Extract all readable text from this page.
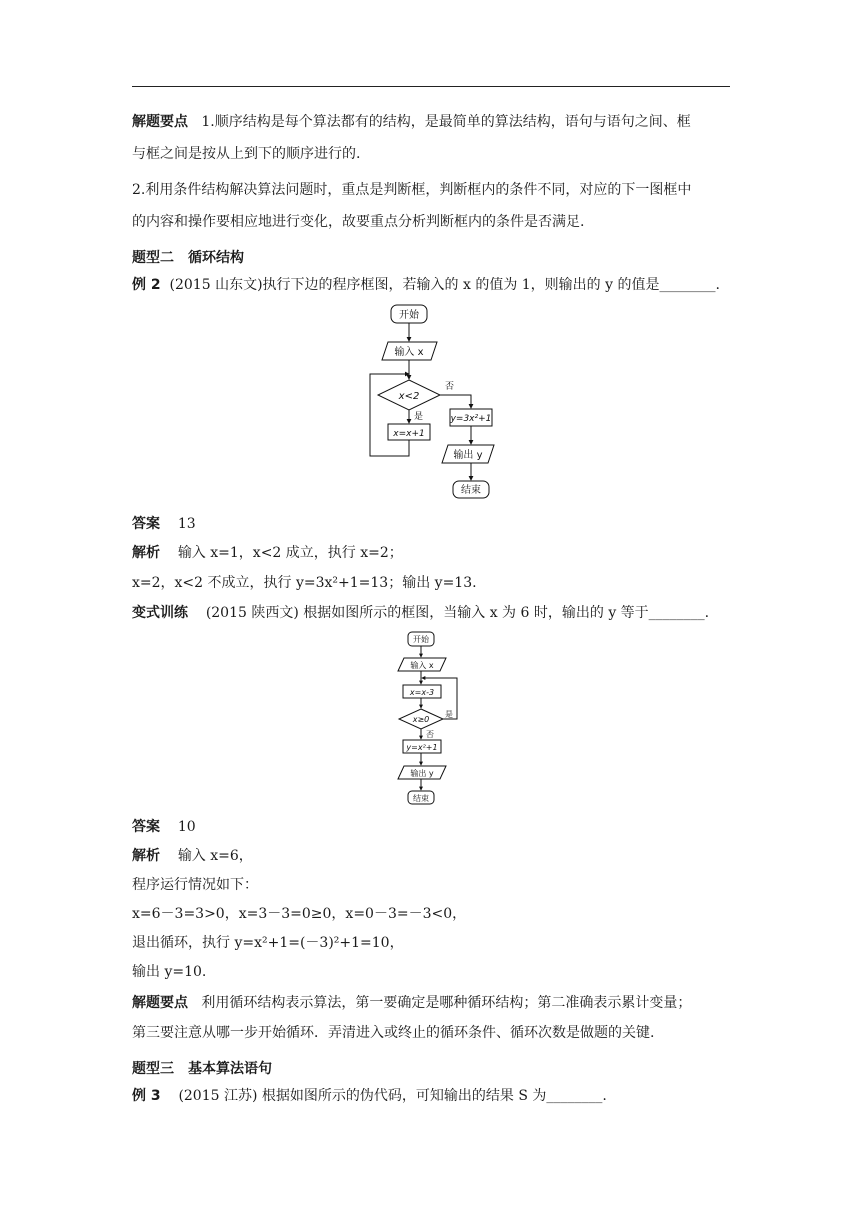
解题要点 1.顺序结构是每个算法都有的结构，是最简单的算法结构，语句与语句之间、框
与框之间是按从上到下的顺序进行的.
2.利用条件结构解决算法问题时，重点是判断框，判断框内的条件不同，对应的下一图框中
的内容和操作要相应地进行变化，故要重点分析判断框内的条件是否满足.
题型二　循环结构
例 2 (2015 山东文)执行下边的程序框图，若输入的 x 的值为 1，则输出的 y 的值是________.
开始
输入 x
x<2
是
x=x+1
否
y=3x²+1
输出 y
结束
答案 13
解析 输入 x=1，x<2 成立，执行 x=2；
x=2，x<2 不成立，执行 y=3x²+1=13；输出 y=13.
变式训练 (2015 陕西文) 根据如图所示的框图，当输入 x 为 6 时，输出的 y 等于________.
开始
输入 x
x=x-3
x≥0
是
否
y=x²+1
输出 y
结束
答案 10
解析 输入 x=6，
程序运行情况如下：
x=6－3=3>0，x=3－3=0≥0，x=0－3=－3<0，
退出循环，执行 y=x²+1=(－3)²+1=10，
输出 y=10.
解题要点 利用循环结构表示算法，第一要确定是哪种循环结构；第二准确表示累计变量；
第三要注意从哪一步开始循环．弄清进入或终止的循环条件、循环次数是做题的关键.
题型三　基本算法语句
例 3 (2015 江苏) 根据如图所示的伪代码，可知输出的结果 S 为________.
